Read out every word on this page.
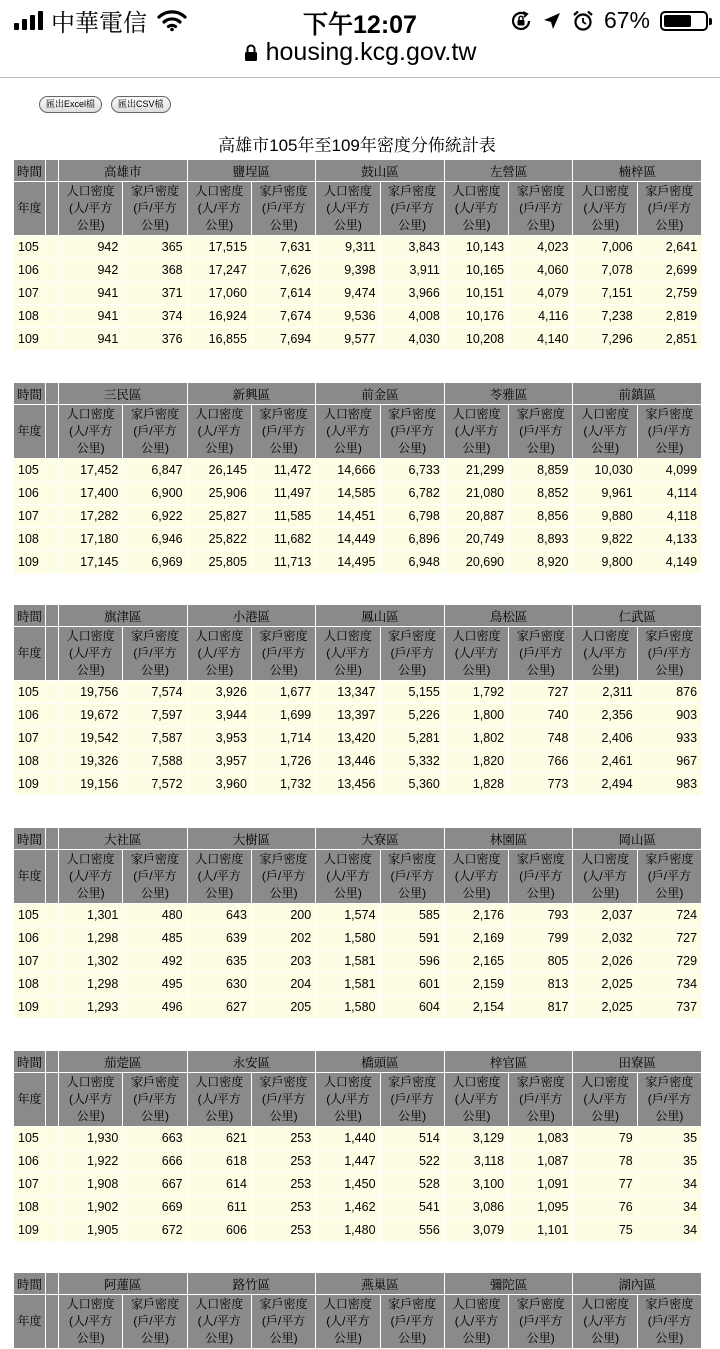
中華電信	下午12:07	67%
housing.kcg.gov.tw
匯出Excel檔	匯出CSV檔
高雄市105年至109年密度分佈統計表
時間		高雄市		鹽埕區		鼓山區		左營區		楠梓區	
年度		人口密度
(人/平方
公里)	家戶密度
(戶/平方
公里)	人口密度
(人/平方
公里)	家戶密度
(戶/平方
公里)	人口密度
(人/平方
公里)	家戶密度
(戶/平方
公里)	人口密度
(人/平方
公里)	家戶密度
(戶/平方
公里)	人口密度
(人/平方
公里)	家戶密度
(戶/平方
公里)
105		942	365	17,515	7,631	9,311	3,843	10,143	4,023	7,006	2,641
106		942	368	17,247	7,626	9,398	3,911	10,165	4,060	7,078	2,699
107		941	371	17,060	7,614	9,474	3,966	10,151	4,079	7,151	2,759
108		941	374	16,924	7,674	9,536	4,008	10,176	4,116	7,238	2,819
109		941	376	16,855	7,694	9,577	4,030	10,208	4,140	7,296	2,851
時間		三民區		新興區		前金區		苓雅區		前鎮區	
年度		人口密度
(人/平方
公里)	家戶密度
(戶/平方
公里)	人口密度
(人/平方
公里)	家戶密度
(戶/平方
公里)	人口密度
(人/平方
公里)	家戶密度
(戶/平方
公里)	人口密度
(人/平方
公里)	家戶密度
(戶/平方
公里)	人口密度
(人/平方
公里)	家戶密度
(戶/平方
公里)
105		17,452	6,847	26,145	11,472	14,666	6,733	21,299	8,859	10,030	4,099
106		17,400	6,900	25,906	11,497	14,585	6,782	21,080	8,852	9,961	4,114
107		17,282	6,922	25,827	11,585	14,451	6,798	20,887	8,856	9,880	4,118
108		17,180	6,946	25,822	11,682	14,449	6,896	20,749	8,893	9,822	4,133
109		17,145	6,969	25,805	11,713	14,495	6,948	20,690	8,920	9,800	4,149
時間		旗津區		小港區		鳳山區		鳥松區		仁武區	
年度		人口密度
(人/平方
公里)	家戶密度
(戶/平方
公里)	人口密度
(人/平方
公里)	家戶密度
(戶/平方
公里)	人口密度
(人/平方
公里)	家戶密度
(戶/平方
公里)	人口密度
(人/平方
公里)	家戶密度
(戶/平方
公里)	人口密度
(人/平方
公里)	家戶密度
(戶/平方
公里)
105		19,756	7,574	3,926	1,677	13,347	5,155	1,792	727	2,311	876
106		19,672	7,597	3,944	1,699	13,397	5,226	1,800	740	2,356	903
107		19,542	7,587	3,953	1,714	13,420	5,281	1,802	748	2,406	933
108		19,326	7,588	3,957	1,726	13,446	5,332	1,820	766	2,461	967
109		19,156	7,572	3,960	1,732	13,456	5,360	1,828	773	2,494	983
時間		大社區		大樹區		大寮區		林園區		岡山區	
年度		人口密度
(人/平方
公里)	家戶密度
(戶/平方
公里)	人口密度
(人/平方
公里)	家戶密度
(戶/平方
公里)	人口密度
(人/平方
公里)	家戶密度
(戶/平方
公里)	人口密度
(人/平方
公里)	家戶密度
(戶/平方
公里)	人口密度
(人/平方
公里)	家戶密度
(戶/平方
公里)
105		1,301	480	643	200	1,574	585	2,176	793	2,037	724
106		1,298	485	639	202	1,580	591	2,169	799	2,032	727
107		1,302	492	635	203	1,581	596	2,165	805	2,026	729
108		1,298	495	630	204	1,581	601	2,159	813	2,025	734
109		1,293	496	627	205	1,580	604	2,154	817	2,025	737
時間		茄萣區		永安區		橋頭區		梓官區		田寮區	
年度		人口密度
(人/平方
公里)	家戶密度
(戶/平方
公里)	人口密度
(人/平方
公里)	家戶密度
(戶/平方
公里)	人口密度
(人/平方
公里)	家戶密度
(戶/平方
公里)	人口密度
(人/平方
公里)	家戶密度
(戶/平方
公里)	人口密度
(人/平方
公里)	家戶密度
(戶/平方
公里)
105		1,930	663	621	253	1,440	514	3,129	1,083	79	35
106		1,922	666	618	253	1,447	522	3,118	1,087	78	35
107		1,908	667	614	253	1,450	528	3,100	1,091	77	34
108		1,902	669	611	253	1,462	541	3,086	1,095	76	34
109		1,905	672	606	253	1,480	556	3,079	1,101	75	34
時間		阿蓮區		路竹區		燕巢區		彌陀區		湖內區	
年度		人口密度
(人/平方
公里)	家戶密度
(戶/平方
公里)	人口密度
(人/平方
公里)	家戶密度
(戶/平方
公里)	人口密度
(人/平方
公里)	家戶密度
(戶/平方
公里)	人口密度
(人/平方
公里)	家戶密度
(戶/平方
公里)	人口密度
(人/平方
公里)	家戶密度
(戶/平方
公里)
